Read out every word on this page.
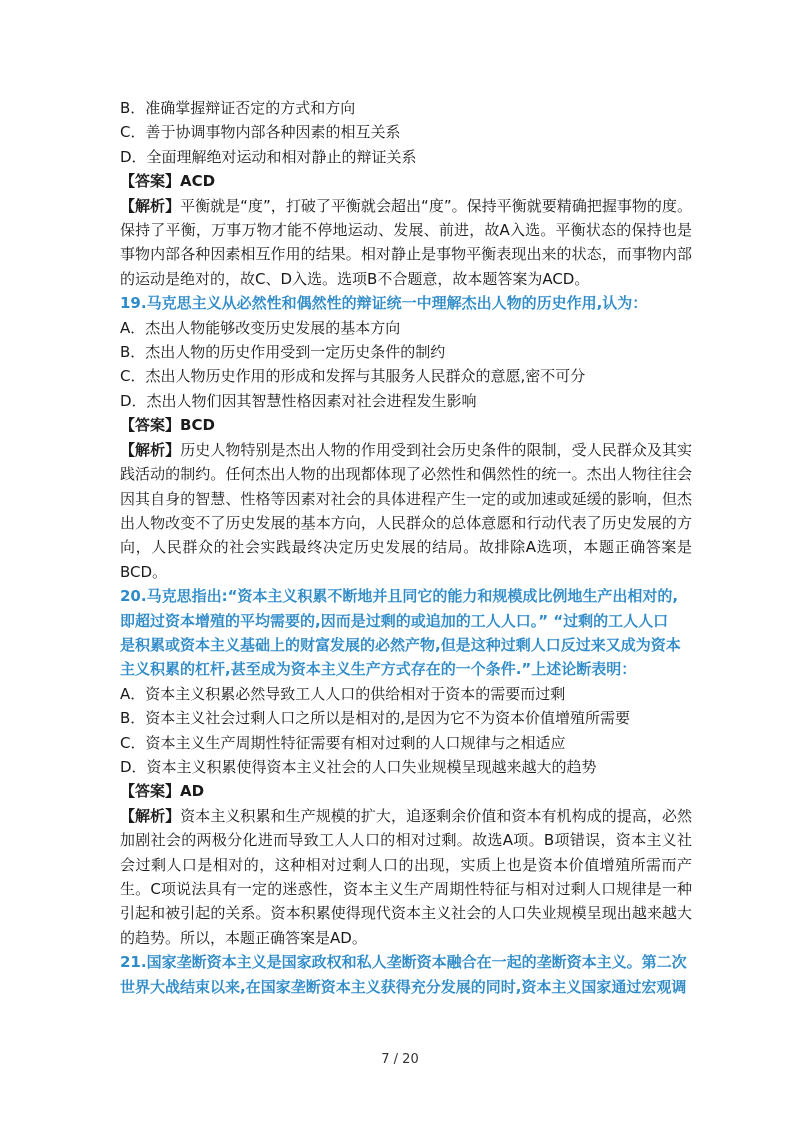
B．准确掌握辩证否定的方式和方向
C．善于协调事物内部各种因素的相互关系
D．全面理解绝对运动和相对静止的辩证关系
【答案】ACD
【解析】平衡就是“度”，打破了平衡就会超出“度”。保持平衡就要精确把握事物的度。保持了平衡，万事万物才能不停地运动、发展、前进，故A入选。平衡状态的保持也是事物内部各种因素相互作用的结果。相对静止是事物平衡表现出来的状态，而事物内部的运动是绝对的，故C、D入选。选项B不合题意，故本题答案为ACD。
19.马克思主义从必然性和偶然性的辩证统一中理解杰出人物的历史作用,认为：
A．杰出人物能够改变历史发展的基本方向
B．杰出人物的历史作用受到一定历史条件的制约
C．杰出人物历史作用的形成和发挥与其服务人民群众的意愿,密不可分
D．杰出人物们因其智慧性格因素对社会进程发生影响
【答案】BCD
【解析】历史人物特别是杰出人物的作用受到社会历史条件的限制，受人民群众及其实践活动的制约。任何杰出人物的出现都体现了必然性和偶然性的统一。杰出人物往往会因其自身的智慧、性格等因素对社会的具体进程产生一定的或加速或延缓的影响，但杰出人物改变不了历史发展的基本方向，人民群众的总体意愿和行动代表了历史发展的方向，人民群众的社会实践最终决定历史发展的结局。故排除A选项，本题正确答案是BCD。
20.马克思指出:“资本主义积累不断地并且同它的能力和规模成比例地生产出相对的,
即超过资本增殖的平均需要的,因而是过剩的或追加的工人人口。” “过剩的工人人口
是积累或资本主义基础上的财富发展的必然产物,但是这种过剩人口反过来又成为资本
主义积累的杠杆,甚至成为资本主义生产方式存在的一个条件.”上述论断表明：
A．资本主义积累必然导致工人人口的供给相对于资本的需要而过剩
B．资本主义社会过剩人口之所以是相对的,是因为它不为资本价值增殖所需要
C．资本主义生产周期性特征需要有相对过剩的人口规律与之相适应
D．资本主义积累使得资本主义社会的人口失业规模呈现越来越大的趋势
【答案】AD
【解析】资本主义积累和生产规模的扩大，追逐剩余价值和资本有机构成的提高，必然加剧社会的两极分化进而导致工人人口的相对过剩。故选A项。B项错误，资本主义社会过剩人口是相对的，这种相对过剩人口的出现，实质上也是资本价值增殖所需而产生。C项说法具有一定的迷惑性，资本主义生产周期性特征与相对过剩人口规律是一种引起和被引起的关系。资本积累使得现代资本主义社会的人口失业规模呈现出越来越大的趋势。所以，本题正确答案是AD。
21.国家垄断资本主义是国家政权和私人垄断资本融合在一起的垄断资本主义。第二次
世界大战结束以来,在国家垄断资本主义获得充分发展的同时,资本主义国家通过宏观调
7 / 20
